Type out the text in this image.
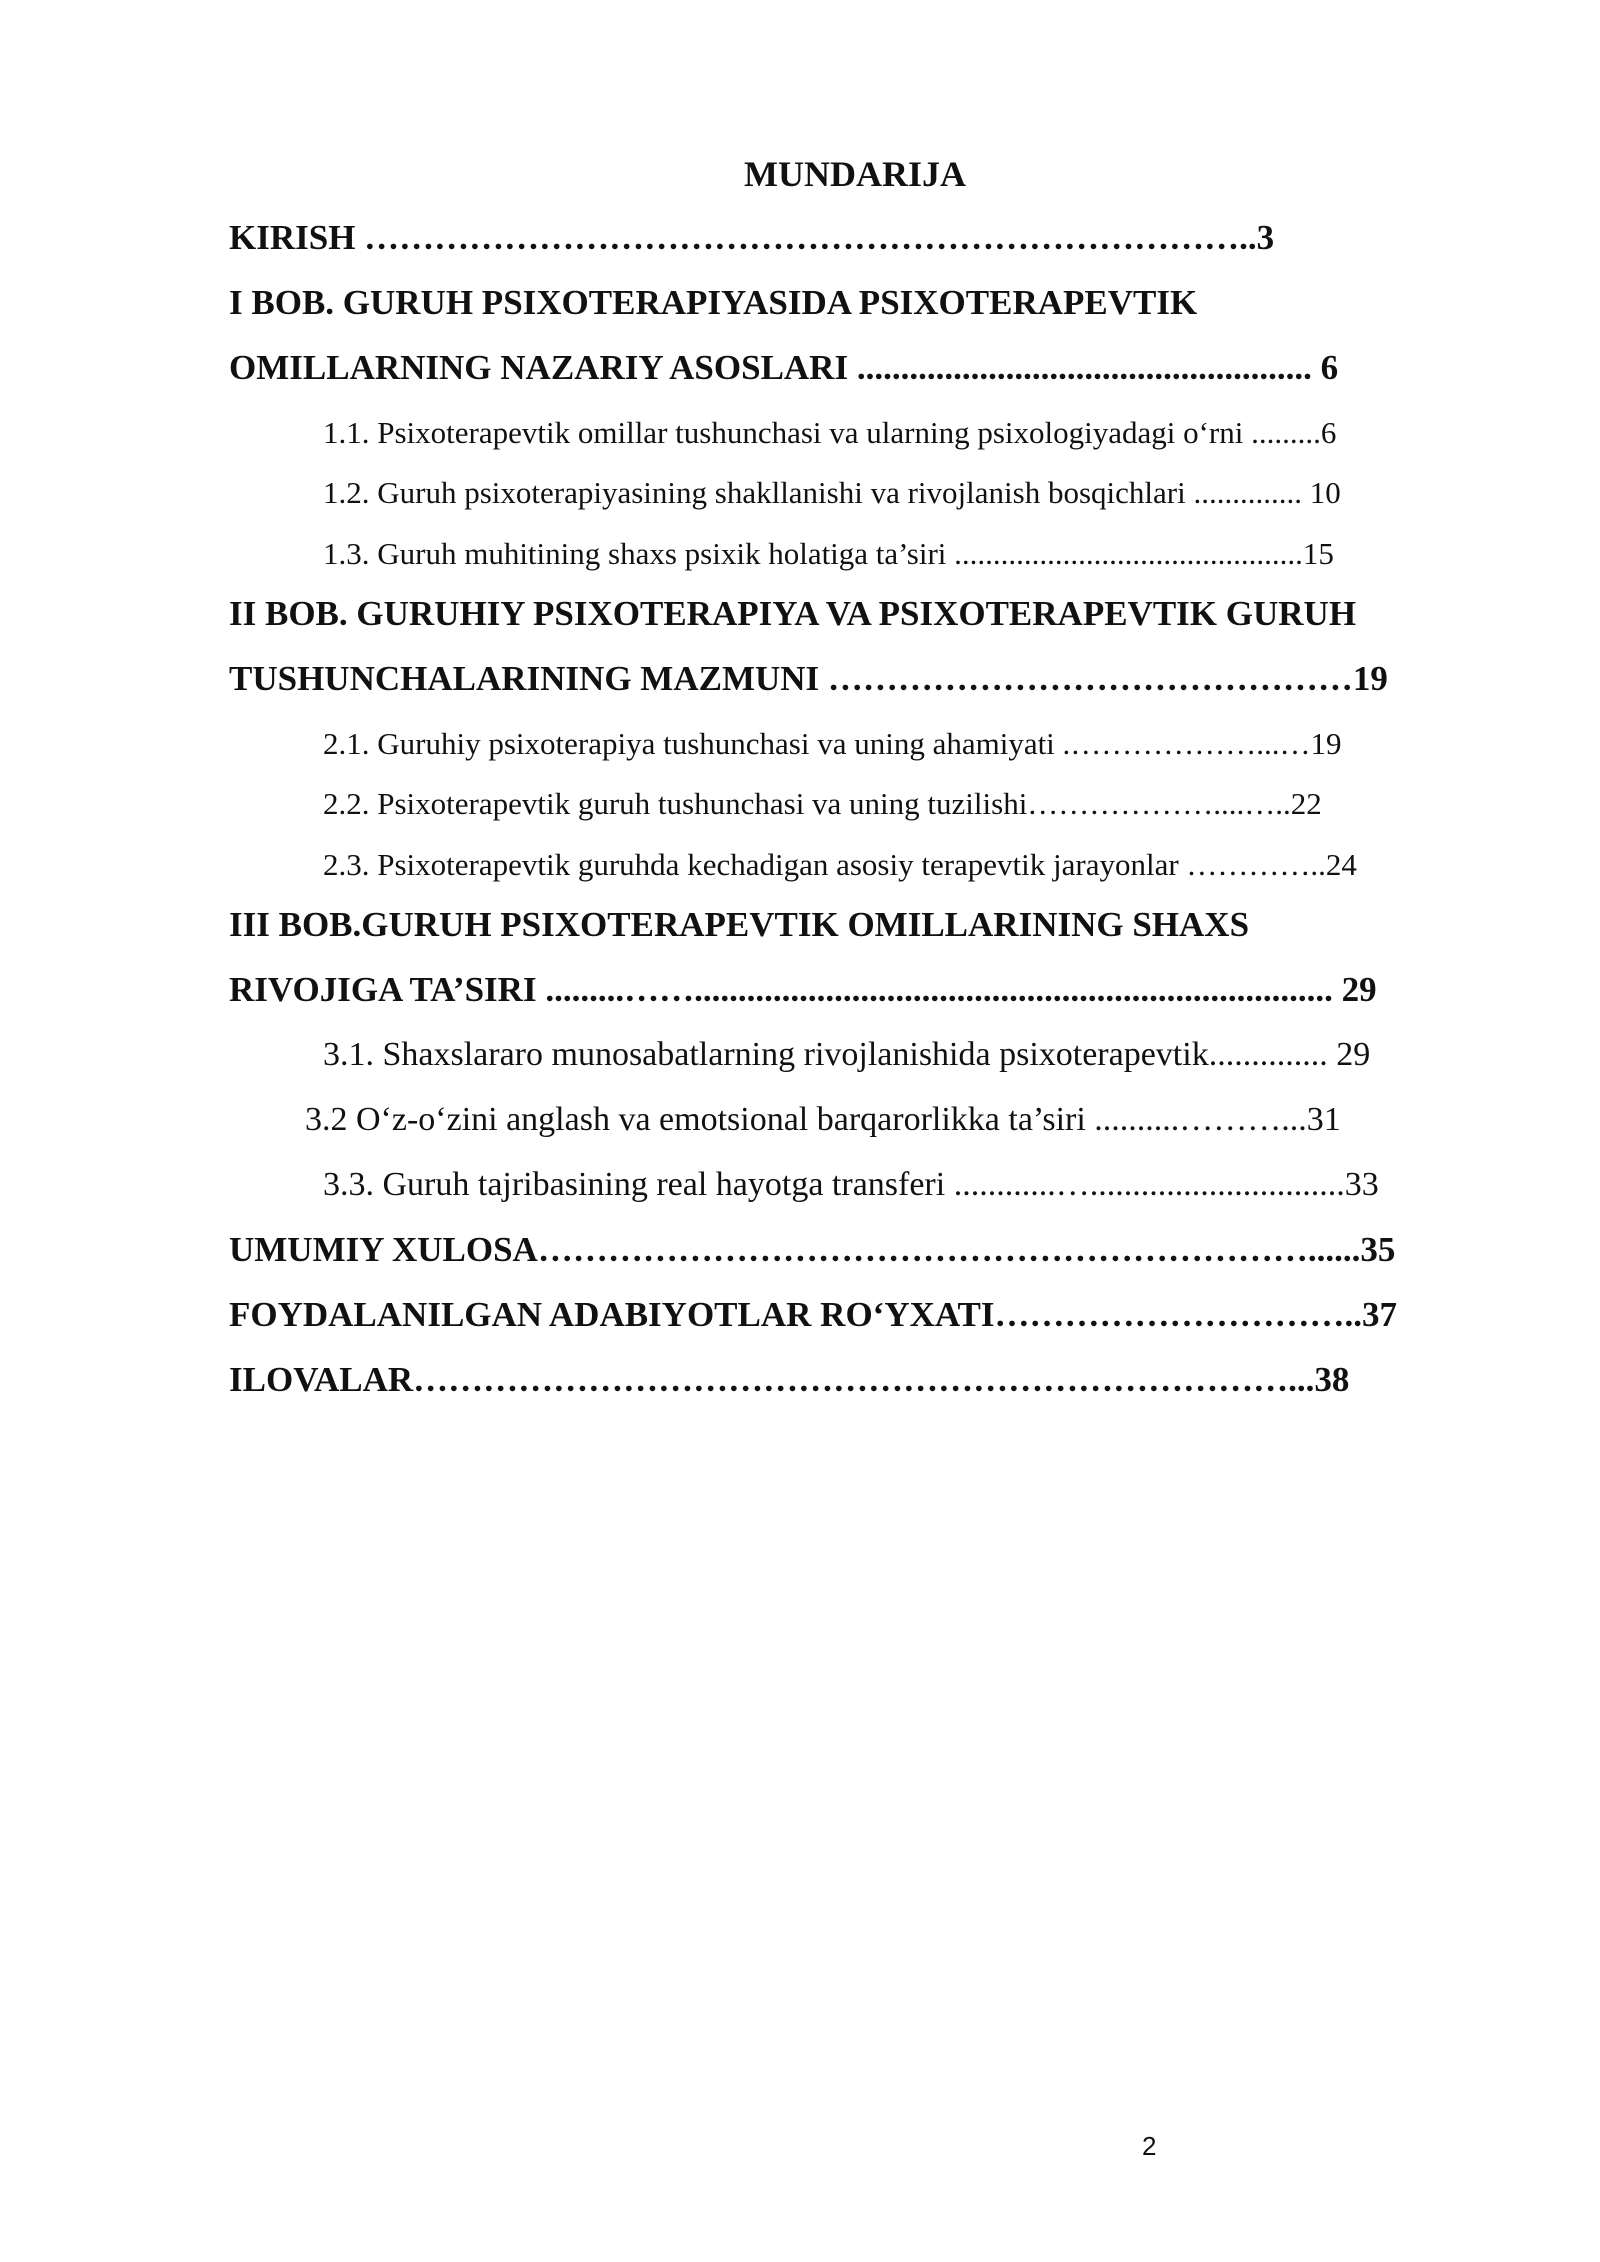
MUNDARIJA
KIRISH …………………………………………………………………..3
I BOB. GURUH PSIXOTERAPIYASIDA PSIXOTERAPEVTIK
OMILLARNING NAZARIY ASOSLARI .................................................... 6
1.1. Psixoterapevtik omillar tushunchasi va ularning psixologiyadagi o‘rni .........6
1.2. Guruh psixoterapiyasining shakllanishi va rivojlanish bosqichlari .............. 10
1.3. Guruh muhitining shaxs psixik holatiga ta’siri .............................................15
II BOB. GURUHIY PSIXOTERAPIYA VA PSIXOTERAPEVTIK GURUH
TUSHUNCHALARINING MAZMUNI ………………………………………19
2.1. Guruhiy psixoterapiya tushunchasi va uning ahamiyati .………………...…19
2.2. Psixoterapevtik guruh tushunchasi va uning tuzilishi………………....…..22
2.3. Psixoterapevtik guruhda kechadigan asosiy terapevtik jarayonlar …………..24
III BOB.GURUH PSIXOTERAPEVTIK OMILLARINING SHAXS
RIVOJIGA TA’SIRI .........……......................................................................... 29
3.1. Shaxslararo munosabatlarning rivojlanishida psixoterapevtik.............. 29
3.2 O‘z-o‘zini anglash va emotsional barqarorlikka ta’siri ..........………...31
3.3. Guruh tajribasining real hayotga transferi ............…..............................33
UMUMIY XULOSA…………………………………………………………......35
FOYDALANILGAN ADABIYOTLAR RO‘YXATI…………………………..37
ILOVALAR…………………………………………………………………...38
2
